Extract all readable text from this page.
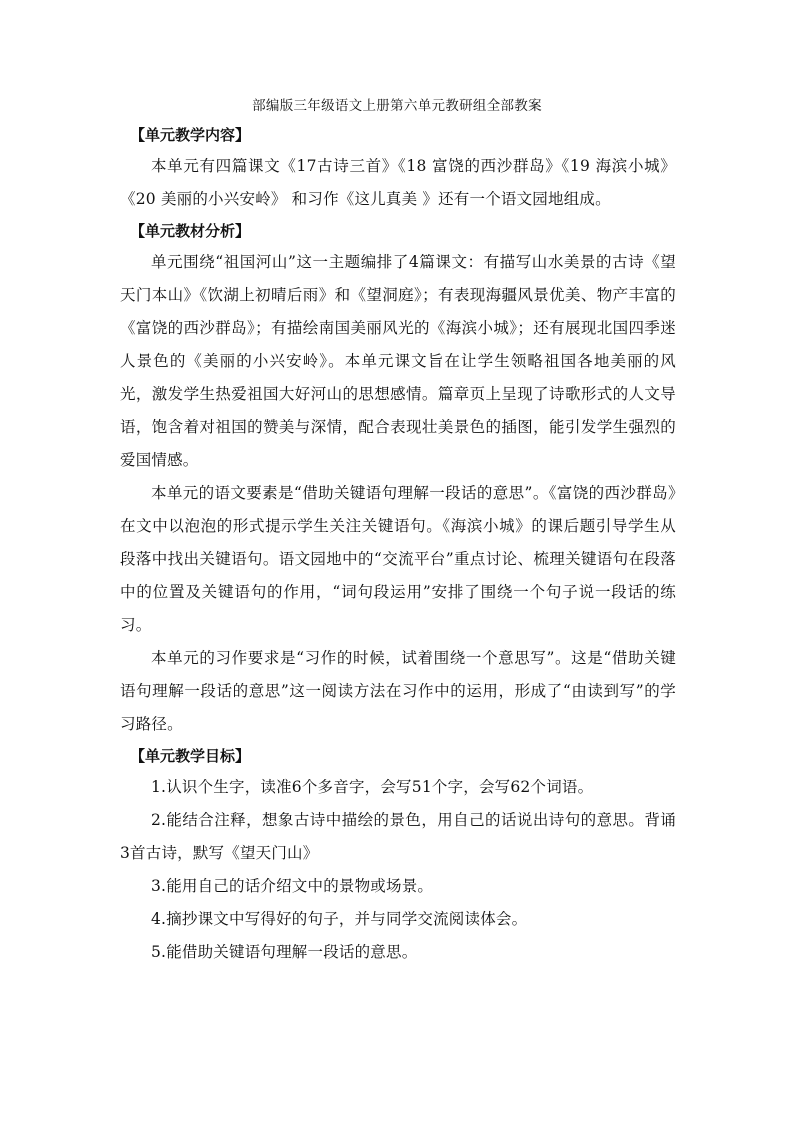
部编版三年级语文上册第六单元教研组全部教案

【单元教学内容】

本单元有四篇课文《17古诗三首》《18 富饶的西沙群岛》《19 海滨小城》《20 美丽的小兴安岭》 和习作《这儿真美 》还有一个语文园地组成。

【单元教材分析】

单元围绕“祖国河山”这一主题编排了4篇课文：有描写山水美景的古诗《望天门本山》《饮湖上初晴后雨》和《望洞庭》；有表现海疆风景优美、物产丰富的《富饶的西沙群岛》；有描绘南国美丽风光的《海滨小城》；还有展现北国四季迷人景色的《美丽的小兴安岭》。本单元课文旨在让学生领略祖国各地美丽的风光，激发学生热爱祖国大好河山的思想感情。篇章页上呈现了诗歌形式的人文导语，饱含着对祖国的赞美与深情，配合表现壮美景色的插图，能引发学生强烈的爱国情感。

本单元的语文要素是“借助关键语句理解一段话的意思”。《富饶的西沙群岛》在文中以泡泡的形式提示学生关注关键语句。《海滨小城》的课后题引导学生从段落中找出关键语句。语文园地中的“交流平台”重点讨论、梳理关键语句在段落中的位置及关键语句的作用，“词句段运用”安排了围绕一个句子说一段话的练习。

本单元的习作要求是“习作的时候，试着围绕一个意思写”。这是“借助关键语句理解一段话的意思”这一阅读方法在习作中的运用，形成了“由读到写”的学习路径。

【单元教学目标】

1.认识个生字，读准6个多音字，会写51个字，会写62个词语。

2.能结合注释，想象古诗中描绘的景色，用自己的话说出诗句的意思。背诵3首古诗，默写《望天门山》

3.能用自己的话介绍文中的景物或场景。

4.摘抄课文中写得好的句子，并与同学交流阅读体会。

5.能借助关键语句理解一段话的意思。
